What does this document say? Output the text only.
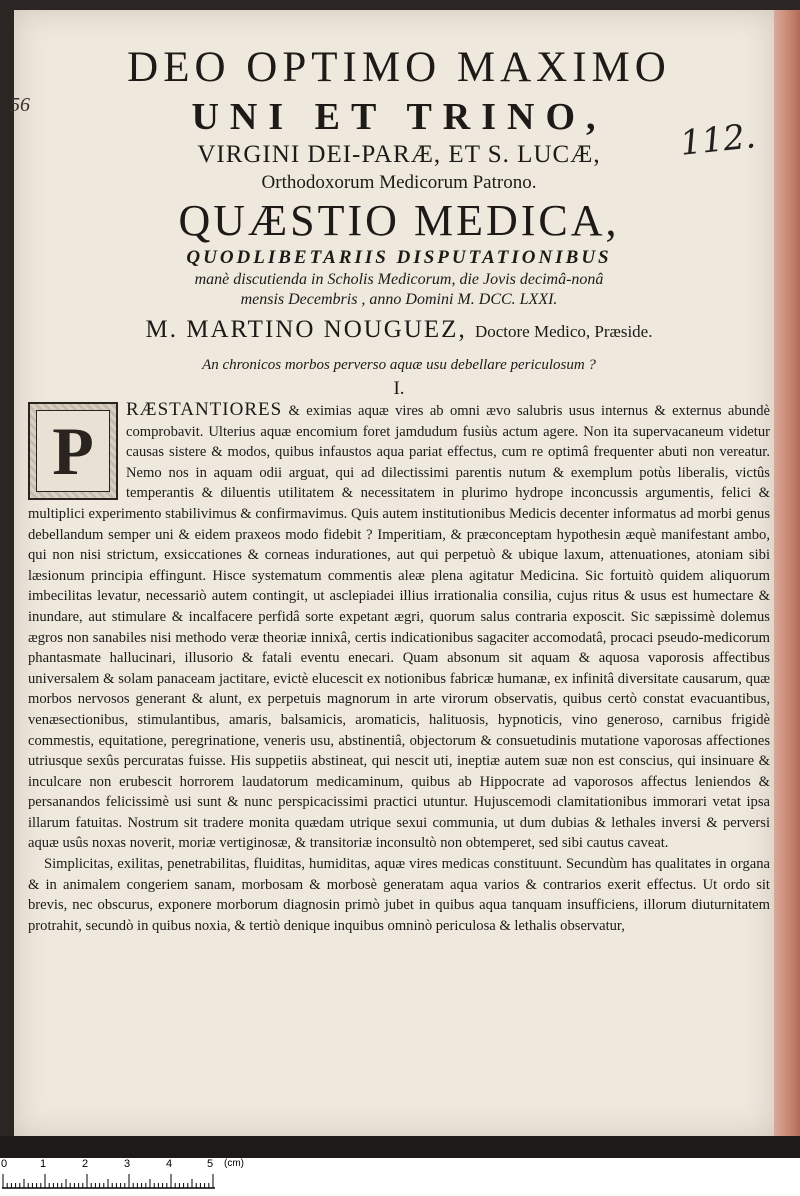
56
112.
DEO OPTIMO MAXIMO
UNI ET TRINO,
VIRGINI DEI-PARÆ, ET S. LUCÆ,
Orthodoxorum Medicorum Patrono.
QUÆSTIO MEDICA,
QUODLIBETARIIS DISPUTATIONIBUS
manè discutienda in Scholis Medicorum, die Jovis decimâ-nonâ
mensis Decembris , anno Domini M. DCC. LXXI.
M. MARTINO NOUGUEZ, Doctore Medico, Præside.
An chronicos morbos perverso aquæ usu debellare periculosum ?
I.
P

RÆSTANTIORES & eximias aquæ vires ab omni ævo salubris usus internus & externus abundè comprobavit. Ulterius aquæ encomium foret jamdudum fusiùs actum agere. Non ita supervacaneum videtur causas sistere & modos, quibus infaustos aqua pariat effectus, cum re optimâ frequenter abuti non vereatur. Nemo nos in aquam odii arguat, qui ad dilectissimi parentis nutum & exemplum potùs liberalis, victûs temperantis & diluentis utilitatem & necessitatem in plurimo hydrope inconcussis argumentis, felici & multiplici experimento stabilivimus & confirmavimus. Quis autem institutionibus Medicis decenter informatus ad morbi genus debellandum semper uni & eidem praxeos modo fidebit ? Imperitiam, & præconceptam hypothesin æquè manifestant ambo, qui non nisi strictum, exsiccationes & corneas indurationes, aut qui perpetuò & ubique laxum, attenuationes, atoniam sibi læsionum principia effingunt. Hisce systematum commentis aleæ plena agitatur Medicina. Sic fortuitò quidem aliquorum imbecilitas levatur, necessariò autem contingit, ut asclepiadei illius irrationalia consilia, cujus ritus & usus est humectare & inundare, aut stimulare & incalfacere perfidâ sorte expetant ægri, quorum salus contraria exposcit. Sic sæpissimè dolemus ægros non sanabiles nisi methodo veræ theoriæ innixâ, certis indicationibus sagaciter accomodatâ, procaci pseudo-medicorum phantasmate hallucinari, illusorio & fatali eventu enecari. Quam absonum sit aquam & aquosa vaporosis affectibus universalem & solam panaceam jactitare, evictè elucescit ex notionibus fabricæ humanæ, ex infinitâ diversitate causarum, quæ morbos nervosos generant & alunt, ex perpetuis magnorum in arte virorum observatis, quibus certò constat evacuantibus, venæsectionibus, stimulantibus, amaris, balsamicis, aromaticis, halituosis, hypnoticis, vino generoso, carnibus frigidè commestis, equitatione, peregrinatione, veneris usu, abstinentiâ, objectorum & consuetudinis mutatione vaporosas affectiones utriusque sexûs percuratas fuisse. His suppetiis abstineat, qui nescit uti, ineptiæ autem suæ non est conscius, qui insinuare & inculcare non erubescit horrorem laudatorum medicaminum, quibus ab Hippocrate ad vaporosos affectus leniendos & persanandos felicissimè usi sunt & nunc perspicacissimi practici utuntur. Hujuscemodi clamitationibus immorari vetat ipsa illarum fatuitas. Nostrum sit tradere monita quædam utrique sexui communia, ut dum dubias & lethales inversi & perversi aquæ usûs noxas noverit, moriæ vertiginosæ, & transitoriæ inconsultò non obtemperet, sed sibi cautus caveat.

Simplicitas, exilitas, penetrabilitas, fluiditas, humiditas, aquæ vires medicas constituunt. Secundùm has qualitates in organa & in animalem congeriem sanam, morbosam & morbosè generatam aqua varios & contrarios exerit effectus. Ut ordo sit brevis, nec obscurus, exponere morborum diagnosin primò jubet in quibus aqua tanquam insufficiens, illorum diuturnitatem protrahit, secundò in quibus noxia, & tertiò denique inquibus omninò periculosa & lethalis observatur,

0	1	2	3	4	5 (cm)
